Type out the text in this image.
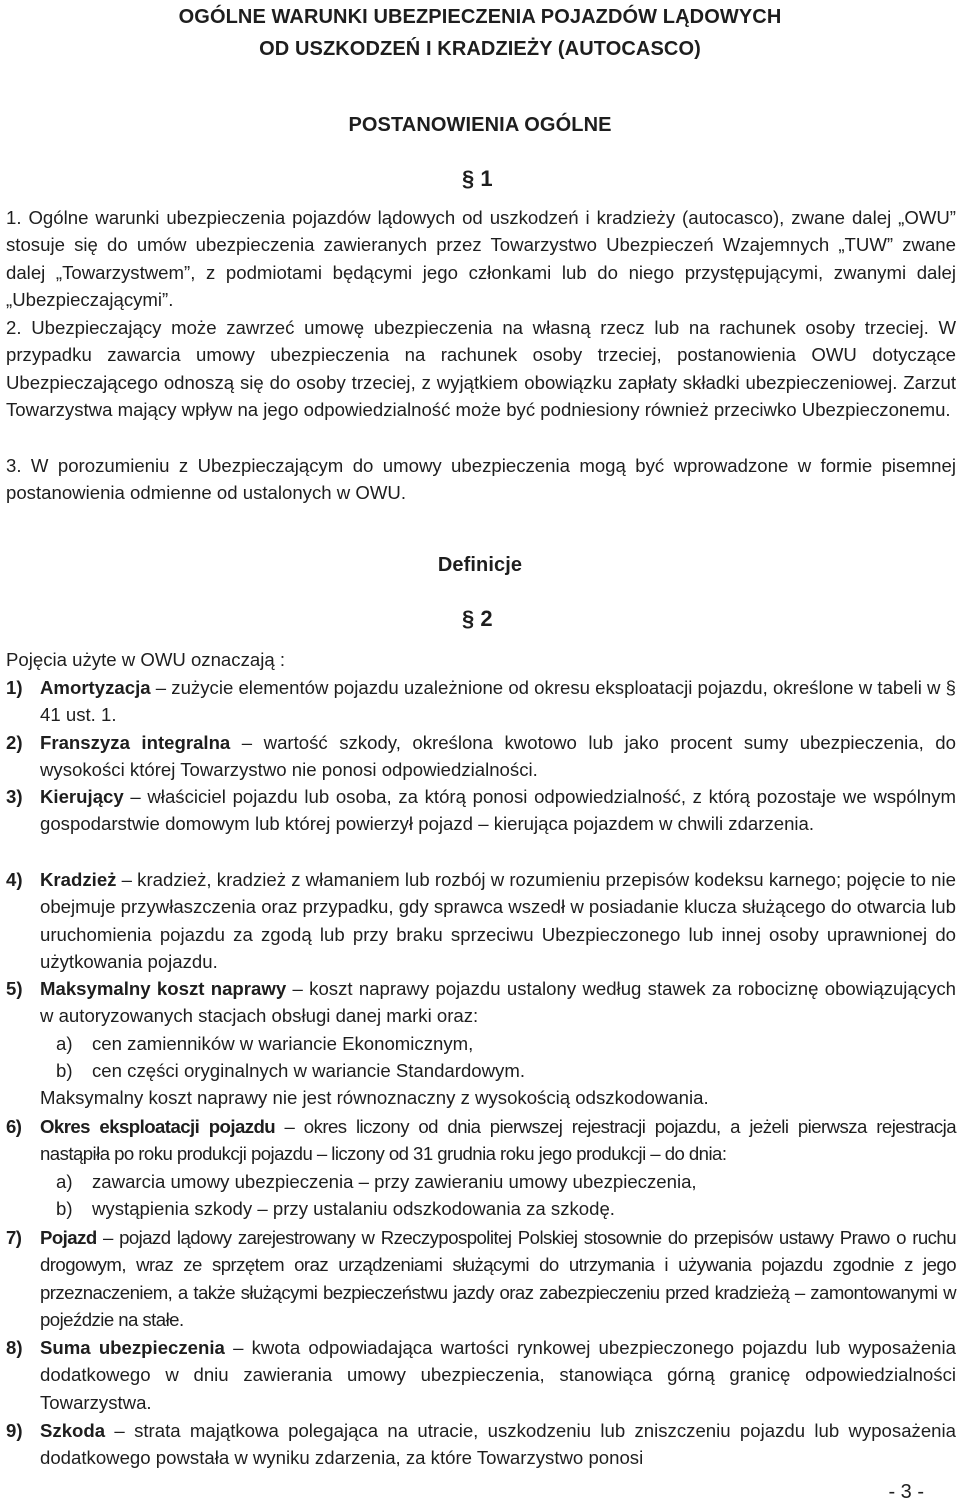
OGÓLNE WARUNKI UBEZPIECZENIA POJAZDÓW LĄDOWYCH
OD USZKODZEŃ I KRADZIEŻY (AUTOCASCO)
POSTANOWIENIA OGÓLNE
§ 1
1. Ogólne warunki ubezpieczenia pojazdów lądowych od uszkodzeń i kradzieży (autocasco), zwane dalej „OWU” stosuje się do umów ubezpieczenia zawieranych przez Towarzystwo Ubezpieczeń Wzajemnych „TUW” zwane dalej „Towarzystwem”, z podmiotami będącymi jego członkami lub do niego przystępującymi, zwanymi dalej „Ubezpieczającymi”.
2. Ubezpieczający może zawrzeć umowę ubezpieczenia na własną rzecz lub na rachunek osoby trzeciej. W przypadku zawarcia umowy ubezpieczenia na rachunek osoby trzeciej, postanowienia OWU dotyczące Ubezpieczającego odnoszą się do osoby trzeciej, z wyjątkiem obowiązku zapłaty składki ubezpieczeniowej. Zarzut Towarzystwa mający wpływ na jego odpowiedzialność może być podniesiony również przeciwko Ubezpieczonemu.
3. W porozumieniu z Ubezpieczającym do umowy ubezpieczenia mogą być wprowadzone w formie pisemnej postanowienia odmienne od ustalonych w OWU.
Definicje
§ 2
Pojęcia użyte w OWU oznaczają :
1) Amortyzacja – zużycie elementów pojazdu uzależnione od okresu eksploatacji pojazdu, określone w tabeli w § 41 ust. 1.
2) Franszyza integralna – wartość szkody, określona kwotowo lub jako procent sumy ubezpieczenia, do wysokości której Towarzystwo nie ponosi odpowiedzialności.
3) Kierujący – właściciel pojazdu lub osoba, za którą ponosi odpowiedzialność, z którą pozostaje we wspólnym gospodarstwie domowym lub której powierzył pojazd – kierująca pojazdem w chwili zdarzenia.
4) Kradzież – kradzież, kradzież z włamaniem lub rozbój w rozumieniu przepisów kodeksu karnego; pojęcie to nie obejmuje przywłaszczenia oraz przypadku, gdy sprawca wszedł w posiadanie klucza służącego do otwarcia lub uruchomienia pojazdu za zgodą lub przy braku sprzeciwu Ubezpieczonego lub innej osoby uprawnionej do użytkowania pojazdu.
5) Maksymalny koszt naprawy – koszt naprawy pojazdu ustalony według stawek za robociznę obowiązujących w autoryzowanych stacjach obsługi danej marki oraz:
a) cen zamienników w wariancie Ekonomicznym,
b) cen części oryginalnych w wariancie Standardowym.
Maksymalny koszt naprawy nie jest równoznaczny z wysokością odszkodowania.
6) Okres eksploatacji pojazdu – okres liczony od dnia pierwszej rejestracji pojazdu, a jeżeli pierwsza rejestracja nastąpiła po roku produkcji pojazdu – liczony od 31 grudnia roku jego produkcji – do dnia:
a) zawarcia umowy ubezpieczenia – przy zawieraniu umowy ubezpieczenia,
b) wystąpienia szkody – przy ustalaniu odszkodowania za szkodę.
7) Pojazd – pojazd lądowy zarejestrowany w Rzeczypospolitej Polskiej stosownie do przepisów ustawy Prawo o ruchu drogowym, wraz ze sprzętem oraz urządzeniami służącymi do utrzymania i używania pojazdu zgodnie z jego przeznaczeniem, a także służącymi bezpieczeństwu jazdy oraz zabezpieczeniu przed kradzieżą – zamontowanymi w pojeździe na stałe.
8) Suma ubezpieczenia – kwota odpowiadająca wartości rynkowej ubezpieczonego pojazdu lub wyposażenia dodatkowego w dniu zawierania umowy ubezpieczenia, stanowiąca górną granicę odpowiedzialności Towarzystwa.
9) Szkoda – strata majątkowa polegająca na utracie, uszkodzeniu lub zniszczeniu pojazdu lub wyposażenia dodatkowego powstała w wyniku zdarzenia, za które Towarzystwo ponosi
- 3 -
